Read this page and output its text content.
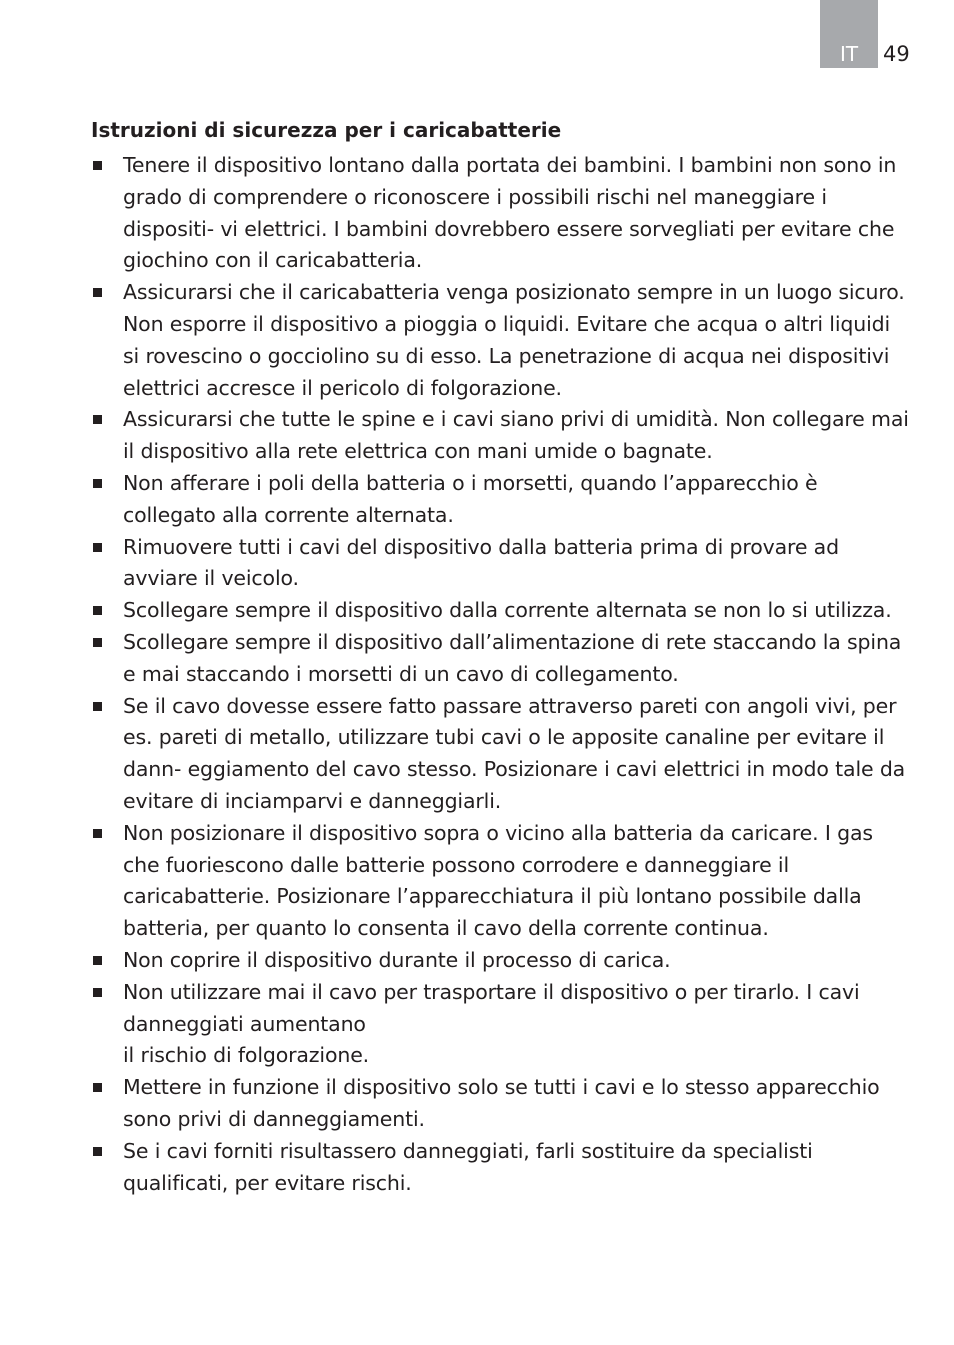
IT	49
Istruzioni di sicurezza per i caricabatterie
Tenere il dispositivo lontano dalla portata dei bambini. I bambini non sono in grado di comprendere o riconoscere i possibili rischi nel maneggiare i dispositi- vi elettrici. I bambini dovrebbero essere sorvegliati per evitare che giochino con il caricabatteria.
Assicurarsi che il caricabatteria venga posizionato sempre in un luogo sicuro. Non esporre il dispositivo a pioggia o liquidi. Evitare che acqua o altri liquidi si rovescino o gocciolino su di esso. La penetrazione di acqua nei dispositivi elettrici accresce il pericolo di folgorazione.
Assicurarsi che tutte le spine e i cavi siano privi di umidità. Non collegare mai il dispositivo alla rete elettrica con mani umide o bagnate.
Non afferare i poli della batteria o i morsetti, quando l’apparecchio è collegato alla corrente alternata.
Rimuovere tutti i cavi del dispositivo dalla batteria prima di provare ad avviare il veicolo.
Scollegare sempre il dispositivo dalla corrente alternata se non lo si utilizza.
Scollegare sempre il dispositivo dall’alimentazione di rete staccando la spina e mai staccando i morsetti di un cavo di collegamento.
Se il cavo dovesse essere fatto passare attraverso pareti con angoli vivi, per es. pareti di metallo, utilizzare tubi cavi o le apposite canaline per evitare il dann- eggiamento del cavo stesso. Posizionare i cavi elettrici in modo tale da evitare di inciamparvi e danneggiarli.
Non posizionare il dispositivo sopra o vicino alla batteria da caricare. I gas che fuoriescono dalle batterie possono corrodere e danneggiare il caricabatterie. Posizionare l’apparecchiatura il più lontano possibile dalla batteria, per quanto lo consenta il cavo della corrente continua.
Non coprire il dispositivo durante il processo di carica.
Non utilizzare mai il cavo per trasportare il dispositivo o per tirarlo. I cavi danneggiati aumentano
il rischio di folgorazione.
Mettere in funzione il dispositivo solo se tutti i cavi e lo stesso apparecchio sono privi di danneggiamenti.
Se i cavi forniti risultassero danneggiati, farli sostituire da specialisti qualificati, per evitare rischi.
